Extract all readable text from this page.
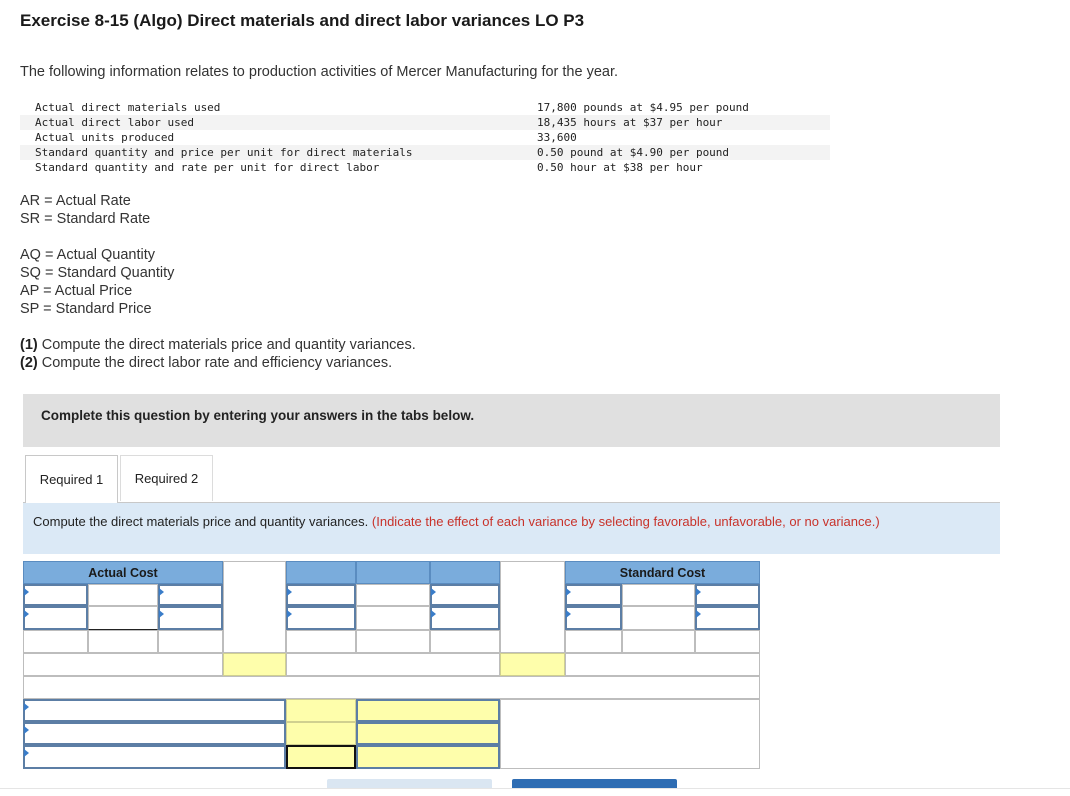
Exercise 8-15 (Algo) Direct materials and direct labor variances LO P3
The following information relates to production activities of Mercer Manufacturing for the year.
Actual direct materials used	17,800 pounds at $4.95 per pound
Actual direct labor used	18,435 hours at $37 per hour
Actual units produced	33,600
Standard quantity and price per unit for direct materials	0.50 pound at $4.90 per pound
Standard quantity and rate per unit for direct labor	0.50 hour at $38 per hour
AR = Actual Rate
SR = Standard Rate
AQ = Actual Quantity
SQ = Standard Quantity
AP = Actual Price
SP = Standard Price
(1) Compute the direct materials price and quantity variances.
(2) Compute the direct labor rate and efficiency variances.
Complete this question by entering your answers in the tabs below.
Required 1	Required 2
Compute the direct materials price and quantity variances. (Indicate the effect of each variance by selecting favorable, unfavorable, or no variance.)
Actual Cost	Standard Cost
